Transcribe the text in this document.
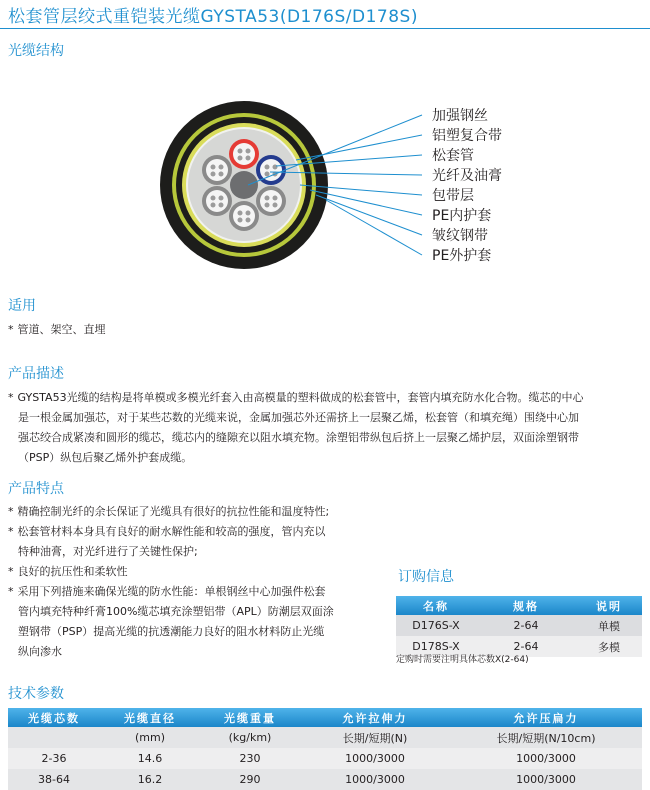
松套管层绞式重铠装光缆GYSTA53(D176S/D178S)
光缆结构
加强钢丝
铝塑复合带
松套管
光纤及油膏
包带层
PE内护套
皱纹钢带
PE外护套
适用
* 管道、架空、直埋
产品描述
* GYSTA53光缆的结构是将单模或多模光纤套入由高模量的塑料做成的松套管中，套管内填充防水化合物。缆芯的中心
是一根金属加强芯，对于某些芯数的光缆来说，金属加强芯外还需挤上一层聚乙烯，松套管（和填充绳）围绕中心加
强芯绞合成紧凑和圆形的缆芯，缆芯内的缝隙充以阻水填充物。涂塑铝带纵包后挤上一层聚乙烯护层，双面涂塑钢带
（PSP）纵包后聚乙烯外护套成缆。
产品特点
* 精确控制光纤的余长保证了光缆具有很好的抗拉性能和温度特性;
* 松套管材料本身具有良好的耐水解性能和较高的强度，管内充以
特种油膏，对光纤进行了关键性保护;
* 良好的抗压性和柔软性
* 采用下列措施来确保光缆的防水性能：单根钢丝中心加强件松套
管内填充特种纤膏100%缆芯填充涂塑铝带（APL）防潮层双面涂
塑钢带（PSP）提高光缆的抗透潮能力良好的阻水材料防止光缆
纵向渗水
订购信息
名称	规格	说明
D176S-X	2-64	单模
D178S-X	2-64	多模
定购时需要注明具体芯数X(2-64)
技术参数
光缆芯数	光缆直径	光缆重量	允许拉伸力	允许压扁力
	(mm)	(kg/km)	长期/短期(N)	长期/短期(N/10cm)
2-36	14.6	230	1000/3000	1000/3000
38-64	16.2	290	1000/3000	1000/3000
